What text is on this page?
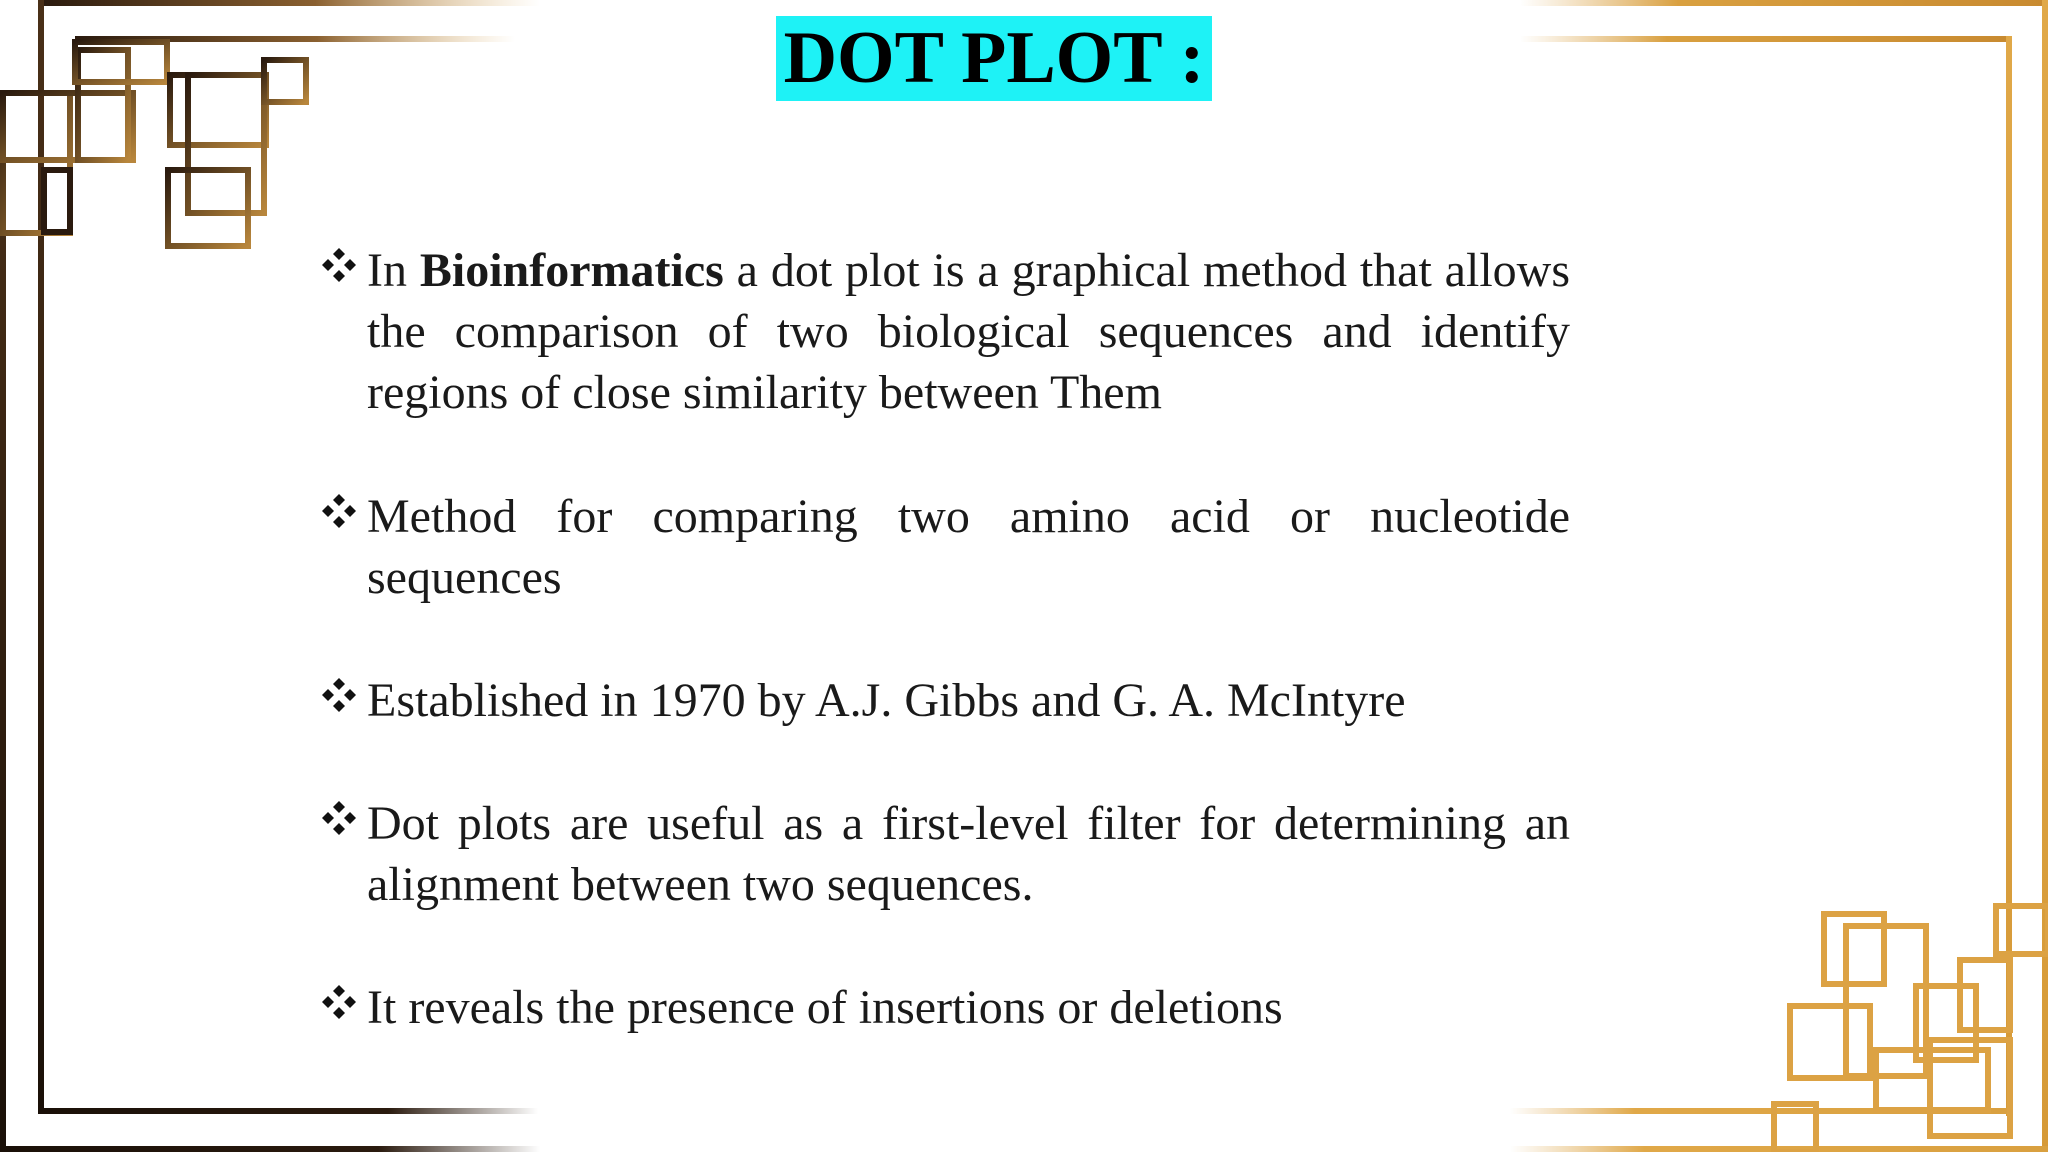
DOT PLOT :
In Bioinformatics a dot plot is a graphical method that allows the comparison of two biological sequences and identify regions of close similarity between Them
Method for comparing two amino acid or nucleotide sequences
Established in 1970 by A.J. Gibbs and G. A. McIntyre
Dot plots are useful as a first-level filter for determining an alignment between two sequences.
It reveals the presence of insertions or deletions
